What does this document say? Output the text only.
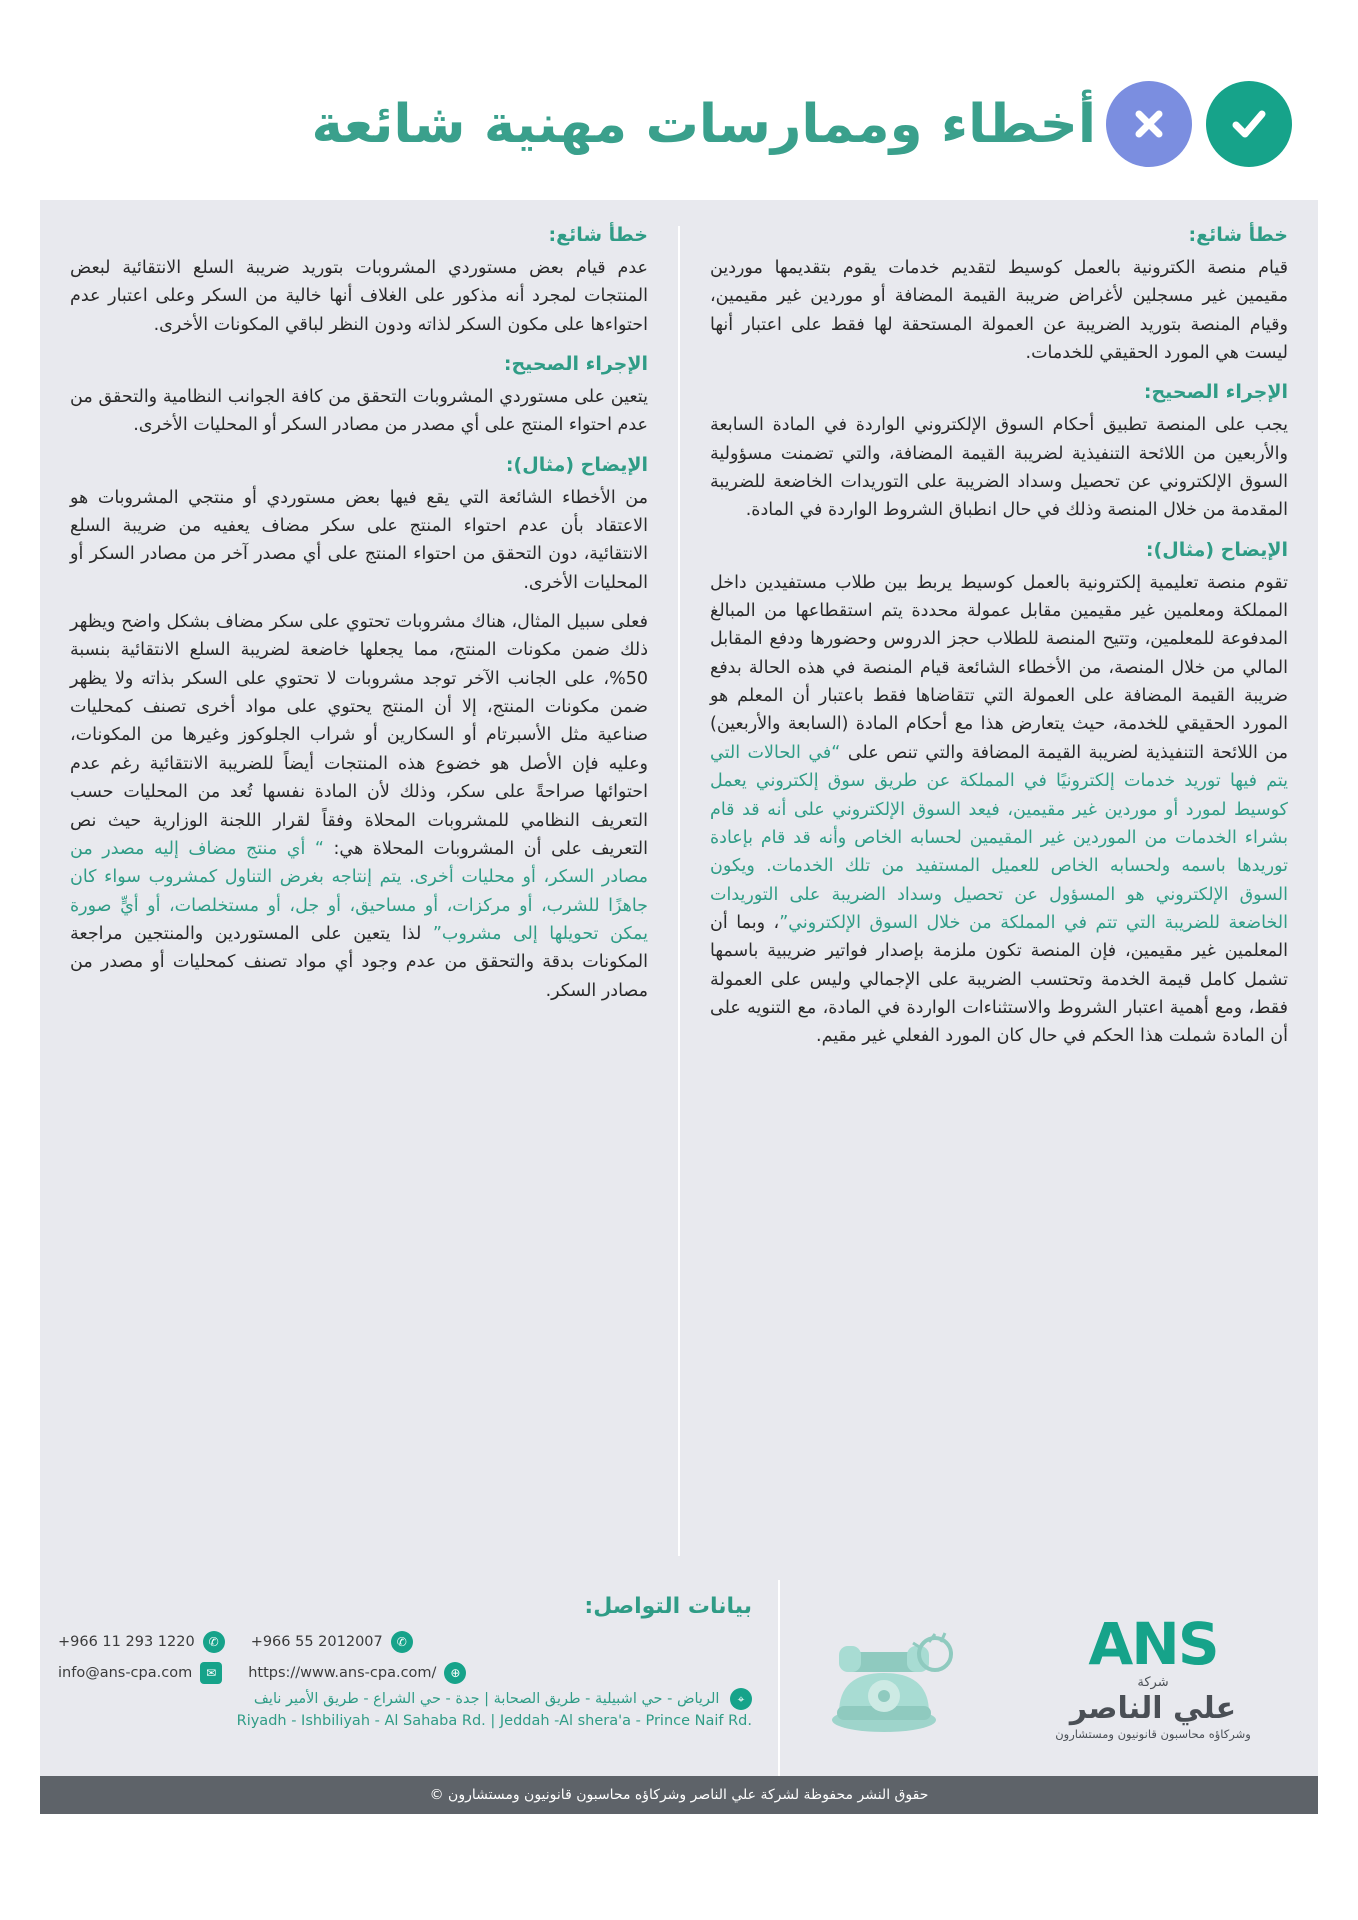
أخطاء وممارسات مهنية شائعة
خطأ شائع:

قيام منصة الكترونية بالعمل كوسيط لتقديم خدمات يقوم بتقديمها موردين مقيمين غير مسجلين لأغراض ضريبة القيمة المضافة أو موردين غير مقيمين، وقيام المنصة بتوريد الضريبة عن العمولة المستحقة لها فقط على اعتبار أنها ليست هي المورد الحقيقي للخدمات.

الإجراء الصحيح:

يجب على المنصة تطبيق أحكام السوق الإلكتروني الواردة في المادة السابعة والأربعين من اللائحة التنفيذية لضريبة القيمة المضافة، والتي تضمنت مسؤولية السوق الإلكتروني عن تحصيل وسداد الضريبة على التوريدات الخاضعة للضريبة المقدمة من خلال المنصة وذلك في حال انطباق الشروط الواردة في المادة.

الإيضاح (مثال):

تقوم منصة تعليمية إلكترونية بالعمل كوسيط يربط بين طلاب مستفيدين داخل المملكة ومعلمين غير مقيمين مقابل عمولة محددة يتم استقطاعها من المبالغ المدفوعة للمعلمين، وتتيح المنصة للطلاب حجز الدروس وحضورها ودفع المقابل المالي من خلال المنصة، من الأخطاء الشائعة قيام المنصة في هذه الحالة بدفع ضريبة القيمة المضافة على العمولة التي تتقاضاها فقط باعتبار أن المعلم هو المورد الحقيقي للخدمة، حيث يتعارض هذا مع أحكام المادة (السابعة والأربعين) من اللائحة التنفيذية لضريبة القيمة المضافة والتي تنص على “في الحالات التي يتم فيها توريد خدمات إلكترونيًا في المملكة عن طريق سوق إلكتروني يعمل كوسيط لمورد أو موردين غير مقيمين، فيعد السوق الإلكتروني على أنه قد قام بشراء الخدمات من الموردين غير المقيمين لحسابه الخاص وأنه قد قام بإعادة توريدها باسمه ولحسابه الخاص للعميل المستفيد من تلك الخدمات. ويكون السوق الإلكتروني هو المسؤول عن تحصيل وسداد الضريبة على التوريدات الخاضعة للضريبة التي تتم في المملكة من خلال السوق الإلكتروني”، وبما أن المعلمين غير مقيمين، فإن المنصة تكون ملزمة بإصدار فواتير ضريبية باسمها تشمل كامل قيمة الخدمة وتحتسب الضريبة على الإجمالي وليس على العمولة فقط، ومع أهمية اعتبار الشروط والاستثناءات الواردة في المادة، مع التنويه على أن المادة شملت هذا الحكم في حال كان المورد الفعلي غير مقيم.

خطأ شائع:

عدم قيام بعض مستوردي المشروبات بتوريد ضريبة السلع الانتقائية لبعض المنتجات لمجرد أنه مذكور على الغلاف أنها خالية من السكر وعلى اعتبار عدم احتواءها على مكون السكر لذاته ودون النظر لباقي المكونات الأخرى.

الإجراء الصحيح:

يتعين على مستوردي المشروبات التحقق من كافة الجوانب النظامية والتحقق من عدم احتواء المنتج على أي مصدر من مصادر السكر أو المحليات الأخرى.

الإيضاح (مثال):

من الأخطاء الشائعة التي يقع فيها بعض مستوردي أو منتجي المشروبات هو الاعتقاد بأن عدم احتواء المنتج على سكر مضاف يعفيه من ضريبة السلع الانتقائية، دون التحقق من احتواء المنتج على أي مصدر آخر من مصادر السكر أو المحليات الأخرى.

فعلى سبيل المثال، هناك مشروبات تحتوي على سكر مضاف بشكل واضح ويظهر ذلك ضمن مكونات المنتج، مما يجعلها خاضعة لضريبة السلع الانتقائية بنسبة 50%، على الجانب الآخر توجد مشروبات لا تحتوي على السكر بذاته ولا يظهر ضمن مكونات المنتج، إلا أن المنتج يحتوي على مواد أخرى تصنف كمحليات صناعية مثل الأسبرتام أو السكارين أو شراب الجلوكوز وغيرها من المكونات، وعليه فإن الأصل هو خضوع هذه المنتجات أيضاً للضريبة الانتقائية رغم عدم احتوائها صراحةً على سكر، وذلك لأن المادة نفسها تُعد من المحليات حسب التعريف النظامي للمشروبات المحلاة وفقاً لقرار اللجنة الوزارية حيث نص التعريف على أن المشروبات المحلاة هي: “ أي منتج مضاف إليه مصدر من مصادر السكر، أو محليات أخرى. يتم إنتاجه بغرض التناول كمشروب سواء كان جاهزًا للشرب، أو مركزات، أو مساحيق، أو جل، أو مستخلصات، أو أيٍّ صورة يمكن تحويلها إلى مشروب” لذا يتعين على المستوردين والمنتجين مراجعة المكونات بدقة والتحقق من عدم وجود أي مواد تصنف كمحليات أو مصدر من مصادر السكر.

بيانات التواصل:
✆
+966 11 293 1220	✆
+966 55 2012007
✉
info@ans-cpa.com	⊕
https://www.ans-cpa.com/
⌖ الرياض - حي اشبيلية - طريق الصحابة | جدة - حي الشراع - طريق الأمير نايف
Riyadh - Ishbiliyah - Al Sahaba Rd. | Jeddah -Al shera'a - Prince Naif Rd.
ANS
شركة
علي الناصر
وشركاؤه محاسبون قانونيون ومستشارون
حقوق النشر محفوظة لشركة علي الناصر وشركاؤه محاسبون قانونيون ومستشارون ©
